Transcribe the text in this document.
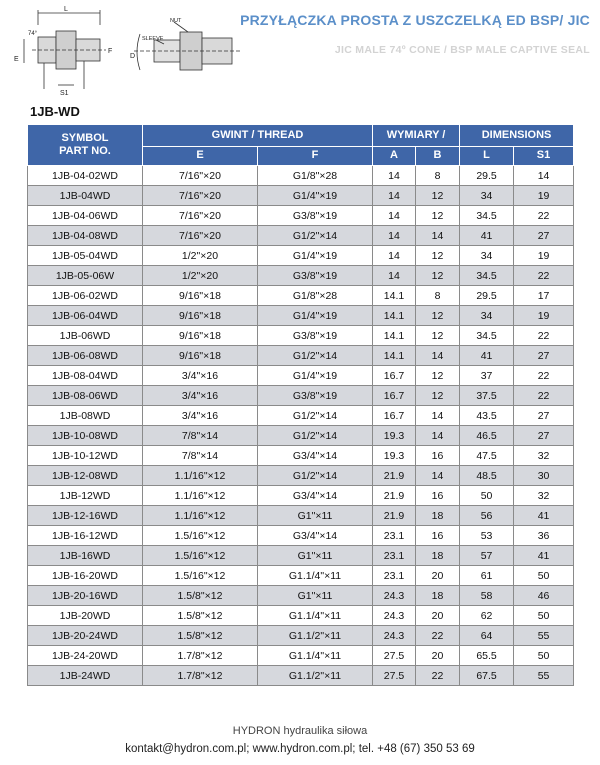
L
74°
E
F
S1
NUT
SLEEVE
D
PRZYŁĄCZKA PROSTA Z USZCZELKĄ ED BSP/ JIC
JIC MALE 74º CONE / BSP MALE CAPTIVE SEAL

1JB-WD

SYMBOL
PART NO.	GWINT / THREAD		WYMIARY /		DIMENSIONS	
	E	F	A	B	L	S1
1JB-04-02WD	7/16"×20	G1/8"×28	14	8	29.5	14
1JB-04WD	7/16"×20	G1/4"×19	14	12	34	19
1JB-04-06WD	7/16"×20	G3/8"×19	14	12	34.5	22
1JB-04-08WD	7/16"×20	G1/2"×14	14	14	41	27
1JB-05-04WD	1/2"×20	G1/4"×19	14	12	34	19
1JB-05-06W	1/2"×20	G3/8"×19	14	12	34.5	22
1JB-06-02WD	9/16"×18	G1/8"×28	14.1	8	29.5	17
1JB-06-04WD	9/16"×18	G1/4"×19	14.1	12	34	19
1JB-06WD	9/16"×18	G3/8"×19	14.1	12	34.5	22
1JB-06-08WD	9/16"×18	G1/2"×14	14.1	14	41	27
1JB-08-04WD	3/4"×16	G1/4"×19	16.7	12	37	22
1JB-08-06WD	3/4"×16	G3/8"×19	16.7	12	37.5	22
1JB-08WD	3/4"×16	G1/2"×14	16.7	14	43.5	27
1JB-10-08WD	7/8"×14	G1/2"×14	19.3	14	46.5	27
1JB-10-12WD	7/8"×14	G3/4"×14	19.3	16	47.5	32
1JB-12-08WD	1.1/16"×12	G1/2"×14	21.9	14	48.5	30
1JB-12WD	1.1/16"×12	G3/4"×14	21.9	16	50	32
1JB-12-16WD	1.1/16"×12	G1"×11	21.9	18	56	41
1JB-16-12WD	1.5/16"×12	G3/4"×14	23.1	16	53	36
1JB-16WD	1.5/16"×12	G1"×11	23.1	18	57	41
1JB-16-20WD	1.5/16"×12	G1.1/4"×11	23.1	20	61	50
1JB-20-16WD	1.5/8"×12	G1"×11	24.3	18	58	46
1JB-20WD	1.5/8"×12	G1.1/4"×11	24.3	20	62	50
1JB-20-24WD	1.5/8"×12	G1.1/2"×11	24.3	22	64	55
1JB-24-20WD	1.7/8"×12	G1.1/4"×11	27.5	20	65.5	50
1JB-24WD	1.7/8"×12	G1.1/2"×11	27.5	22	67.5	55

HYDRON hydraulika siłowa

kontakt@hydron.com.pl; www.hydron.com.pl; tel. +48 (67) 350 53 69
